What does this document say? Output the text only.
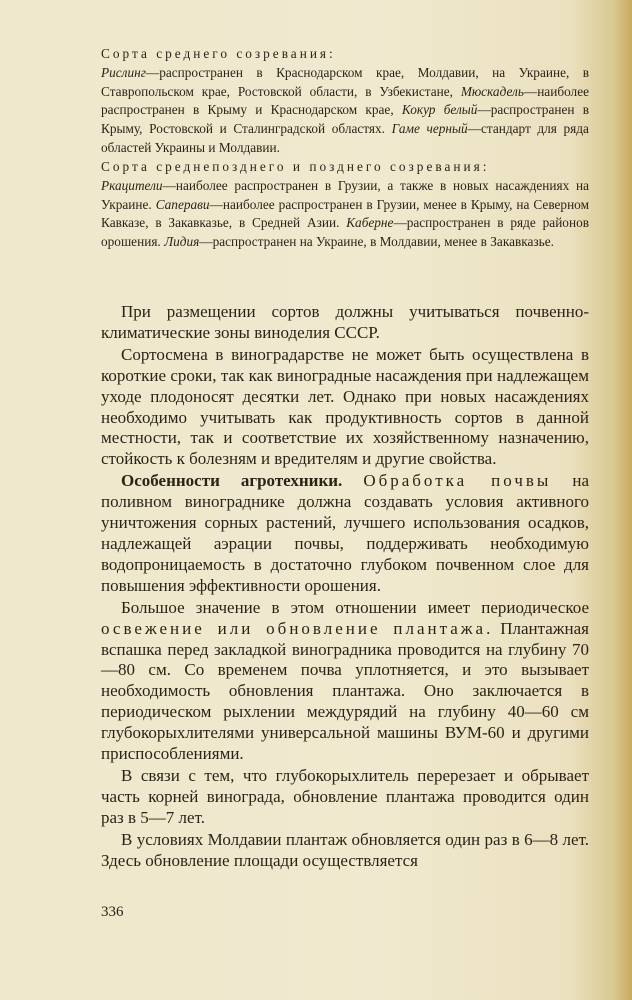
Сорта среднего созревания:
Рислинг—распространен в Краснодарском крае, Молдавии, на Украине, в Ставропольском крае, Ростовской области, в Узбекистане, Мюскадель—наиболее распространен в Крыму и Краснодарском крае, Кокур белый—распространен в Крыму, Ростовской и Сталинградской областях. Гаме черный—стандарт для ряда областей Украины и Молдавии.

Сорта среднепозднего и позднего созревания:
Ркацители—наиболее распространен в Грузии, а также в новых насаждениях на Украине. Саперави—наиболее распространен в Грузии, менее в Крыму, на Северном Кавказе, в Закавказье, в Средней Азии. Каберне—распространен в ряде районов орошения. Лидия—распространен на Украине, в Молдавии, менее в Закавказье.

При размещении сортов должны учитываться почвенно-климатические зоны виноделия СССР.

Сортосмена в виноградарстве не может быть осуществлена в короткие сроки, так как виноградные насаждения при надлежащем уходе плодоносят десятки лет. Однако при новых насаждениях необходимо учитывать как продуктивность сортов в данной местности, так и соответствие их хозяйственному назначению, стойкость к болезням и вредителям и другие свойства.

Особенности агротехники. Обработка почвы на поливном винограднике должна создавать условия активного уничтожения сорных растений, лучшего использования осадков, надлежащей аэрации почвы, поддерживать необходимую водопроницаемость в достаточно глубоком почвенном слое для повышения эффективности орошения.

Большое значение в этом отношении имеет периодическое освежение или обновление плантажа. Плантажная вспашка перед закладкой виноградника проводится на глубину 70—80 см. Со временем почва уплотняется, и это вызывает необходимость обновления плантажа. Оно заключается в периодическом рыхлении междурядий на глубину 40—60 см глубокорыхлителями универсальной машины ВУМ-60 и другими приспособлениями.

В связи с тем, что глубокорыхлитель перерезает и обрывает часть корней винограда, обновление плантажа проводится один раз в 5—7 лет.

В условиях Молдавии плантаж обновляется один раз в 6—8 лет. Здесь обновление площади осуществляется

336
